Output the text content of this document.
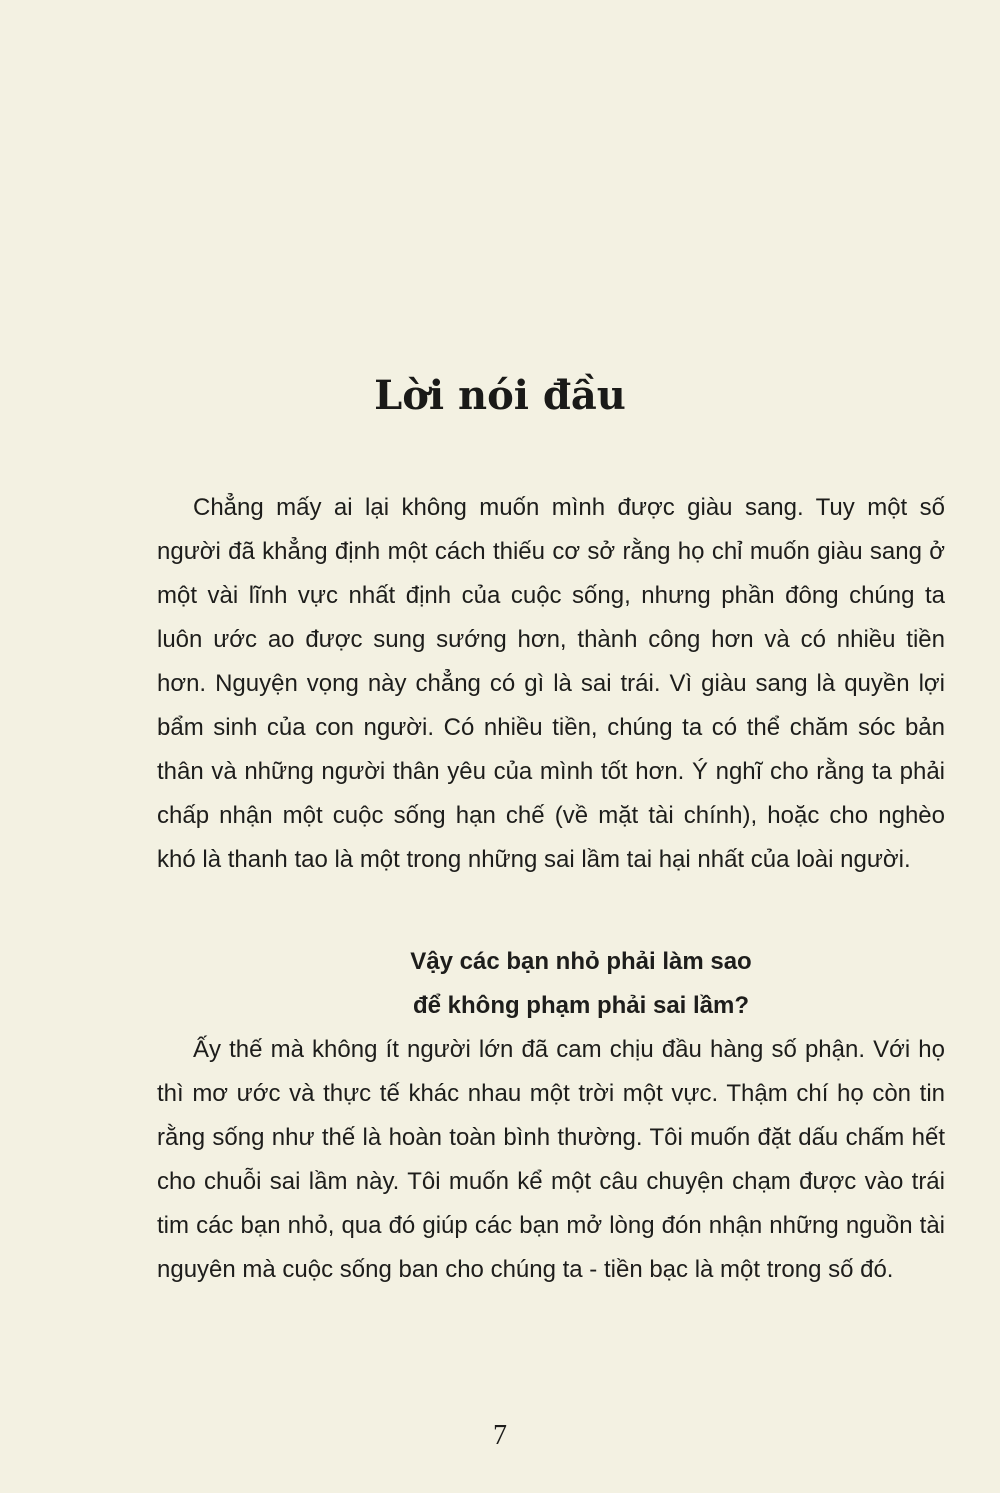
Lời nói đầu

Chẳng mấy ai lại không muốn mình được giàu sang. Tuy một số người đã khẳng định một cách thiếu cơ sở rằng họ chỉ muốn giàu sang ở một vài lĩnh vực nhất định của cuộc sống, nhưng phần đông chúng ta luôn ước ao được sung sướng hơn, thành công hơn và có nhiều tiền hơn. Nguyện vọng này chẳng có gì là sai trái. Vì giàu sang là quyền lợi bẩm sinh của con người. Có nhiều tiền, chúng ta có thể chăm sóc bản thân và những người thân yêu của mình tốt hơn. Ý nghĩ cho rằng ta phải chấp nhận một cuộc sống hạn chế (về mặt tài chính), hoặc cho nghèo khó là thanh tao là một trong những sai lầm tai hại nhất của loài người.

Vậy các bạn nhỏ phải làm sao
để không phạm phải sai lầm?

Ấy thế mà không ít người lớn đã cam chịu đầu hàng số phận. Với họ thì mơ ước và thực tế khác nhau một trời một vực. Thậm chí họ còn tin rằng sống như thế là hoàn toàn bình thường. Tôi muốn đặt dấu chấm hết cho chuỗi sai lầm này. Tôi muốn kể một câu chuyện chạm được vào trái tim các bạn nhỏ, qua đó giúp các bạn mở lòng đón nhận những nguồn tài nguyên mà cuộc sống ban cho chúng ta - tiền bạc là một trong số đó.

7
